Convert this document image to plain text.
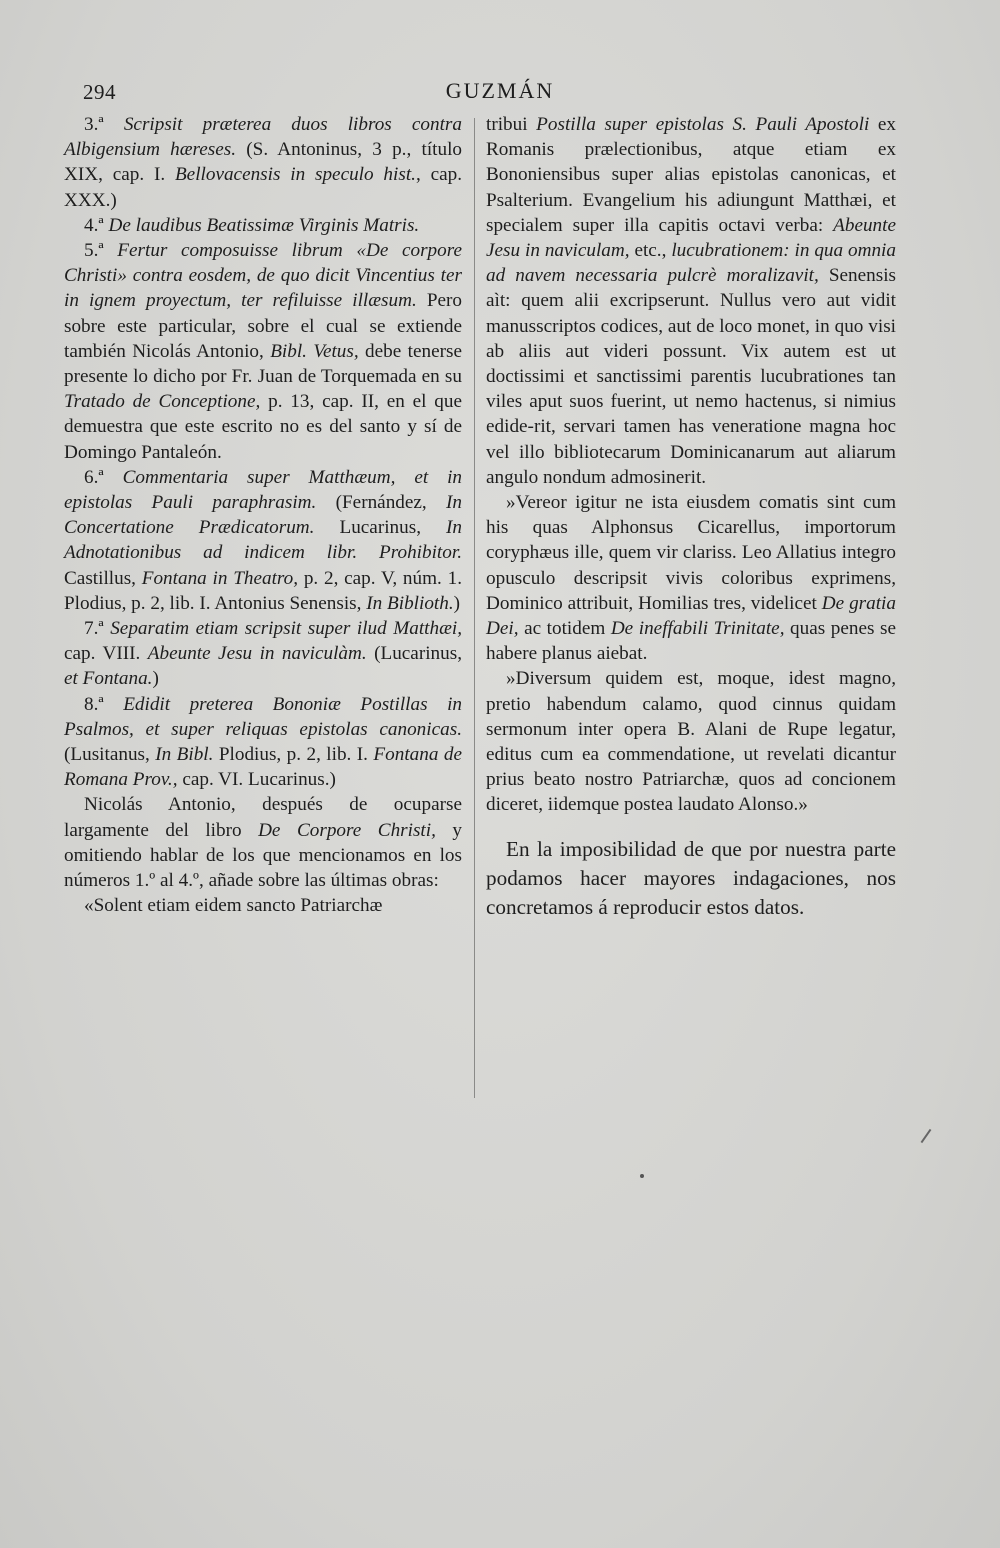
294	GUZMÁN

3.ª Scripsit præterea duos libros contra Albigensium hæreses. (S. Antoninus, 3 p., título XIX, cap. I. Bellovacensis in speculo hist., cap. XXX.)

4.ª De laudibus Beatissimæ Virginis Matris.

5.ª Fertur composuisse librum «De corpore Christi» contra eosdem, de quo dicit Vincentius ter in ignem proyectum, ter refiluisse illæsum. Pero sobre este particular, sobre el cual se extiende también Nicolás Antonio, Bibl. Vetus, debe tenerse presente lo dicho por Fr. Juan de Torquemada en su Tratado de Conceptione, p. 13, cap. II, en el que demuestra que este escrito no es del santo y sí de Domingo Pantaleón.

6.ª Commentaria super Matthæum, et in epistolas Pauli paraphrasim. (Fernández, In Concertatione Prædicatorum. Lucarinus, In Adnotationibus ad indicem libr. Prohibitor. Castillus, Fontana in Theatro, p. 2, cap. V, núm. 1. Plodius, p. 2, lib. I. Antonius Senensis, In Biblioth.)

7.ª Separatim etiam scripsit super ilud Matthæi, cap. VIII. Abeunte Jesu in naviculàm. (Lucarinus, et Fontana.)

8.ª Edidit preterea Bononiæ Postillas in Psalmos, et super reliquas epistolas canonicas. (Lusitanus, In Bibl. Plodius, p. 2, lib. I. Fontana de Romana Prov., cap. VI. Lucarinus.)

Nicolás Antonio, después de ocuparse largamente del libro De Corpore Christi, y omitiendo hablar de los que mencionamos en los números 1.º al 4.º, añade sobre las últimas obras:

«Solent etiam eidem sancto Patriarchæ

tribui Postilla super epistolas S. Pauli Apostoli ex Romanis prælectionibus, atque etiam ex Bononiensibus super alias epistolas canonicas, et Psalterium. Evangelium his adiungunt Matthæi, et specialem super illa capitis octavi verba: Abeunte Jesu in naviculam, etc., lucubrationem: in qua omnia ad navem necessaria pulcrè moralizavit, Senensis aìt: quem alii excripserunt. Nullus vero aut vidit manusscriptos codices, aut de loco monet, in quo visi ab aliis aut videri possunt. Vix autem est ut doctissimi et sanctissimi parentis lucubrationes tan viles aput suos fuerint, ut nemo hactenus, si nimius edide-rit, servari tamen has veneratione magna hoc vel illo bibliotecarum Dominicanarum aut aliarum angulo nondum admosinerit.

»Vereor igitur ne ista eiusdem comatis sint cum his quas Alphonsus Cicarellus, importorum coryphæus ille, quem vir clariss. Leo Allatius integro opusculo descripsit vivis coloribus exprimens, Dominico attribuit, Homilias tres, videlicet De gratia Dei, ac totidem De ineffabili Trinitate, quas penes se habere planus aiebat.

»Diversum quidem est, moque, idest magno, pretio habendum calamo, quod cinnus quidam sermonum inter opera B. Alani de Rupe legatur, editus cum ea commendatione, ut revelati dicantur prius beato nostro Patriarchæ, quos ad concionem diceret, iidemque postea laudato Alonso.»

En la imposibilidad de que por nuestra parte podamos hacer mayores indagaciones, nos concretamos á reproducir estos datos.
